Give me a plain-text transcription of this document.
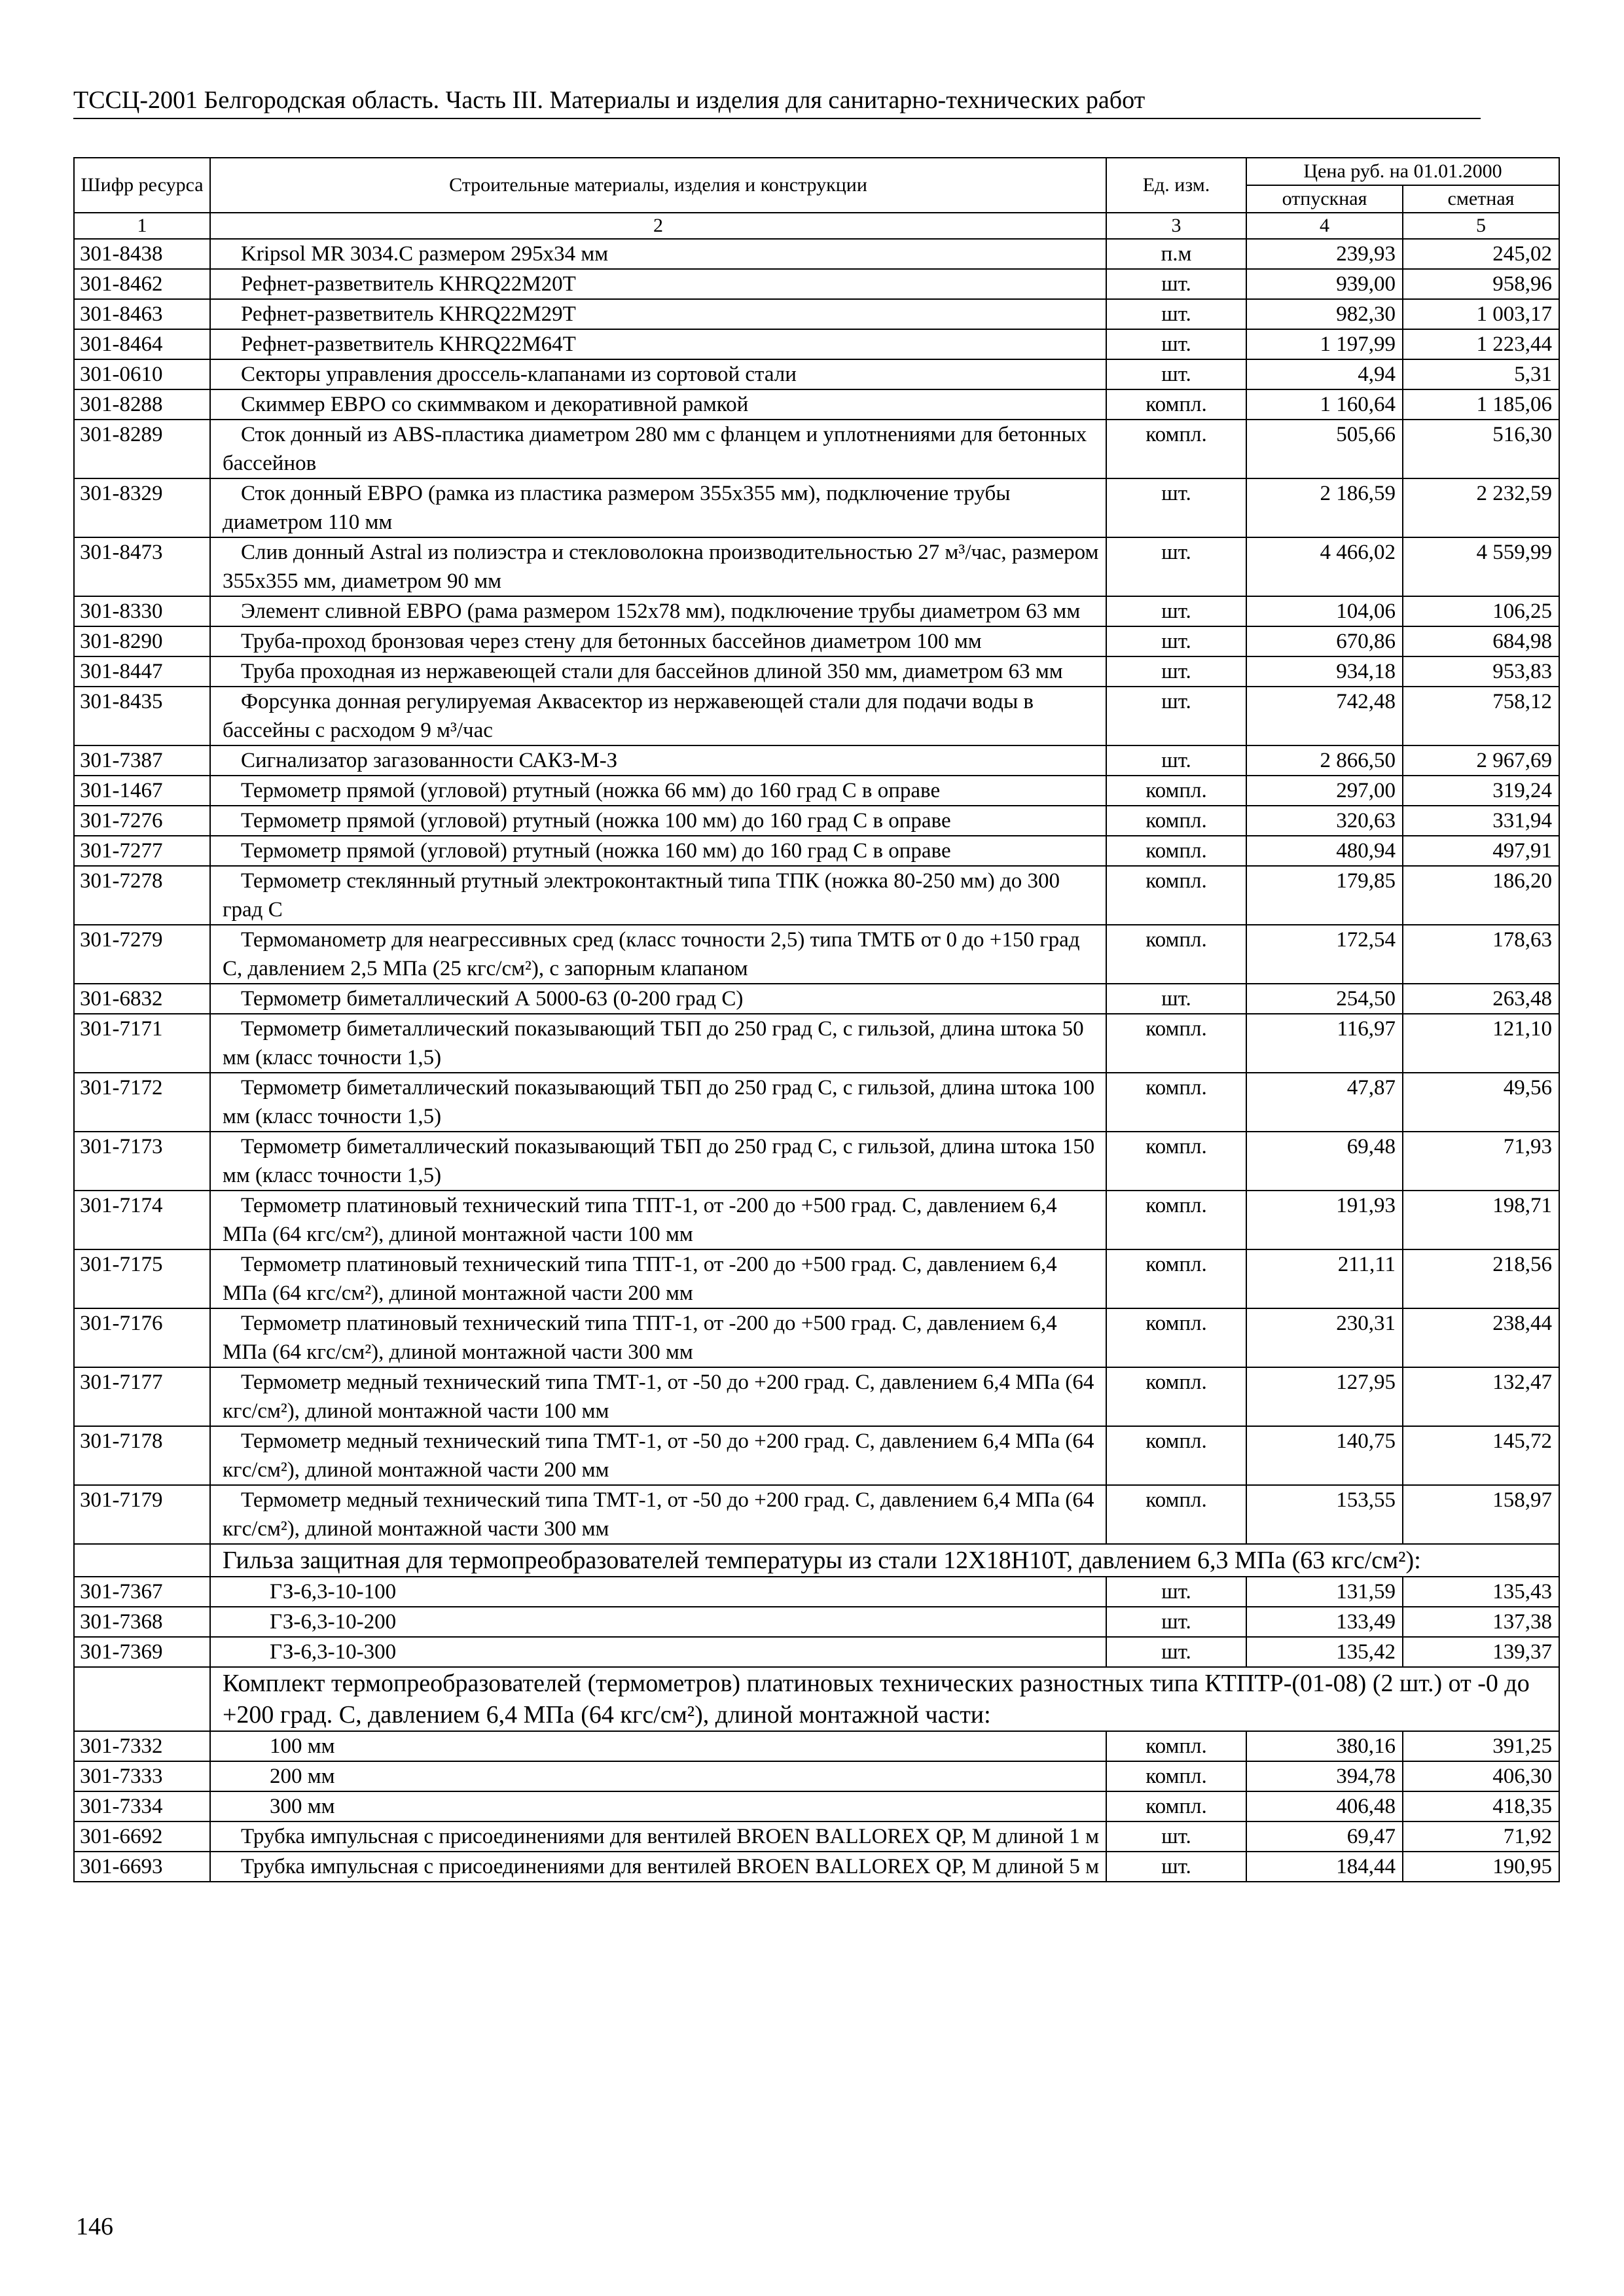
ТССЦ-2001 Белгородская область. Часть III. Материалы и изделия для санитарно-технических работ
Шифр ресурса	Строительные материалы, изделия и конструкции	Ед. изм.	Цена руб. на 01.01.2000	
			отпускная	сметная
1	2	3	4	5
301-8438	Kripsol MR 3034.C размером 295х34 мм	п.м	239,93	245,02
301-8462	Рефнет-разветвитель KHRQ22M20T	шт.	939,00	958,96
301-8463	Рефнет-разветвитель KHRQ22M29T	шт.	982,30	1 003,17
301-8464	Рефнет-разветвитель KHRQ22M64T	шт.	1 197,99	1 223,44
301-0610	Секторы управления дроссель-клапанами из сортовой стали	шт.	4,94	5,31
301-8288	Скиммер ЕВРО со скиммваком и декоративной рамкой	компл.	1 160,64	1 185,06
301-8289	Сток донный из ABS-пластика диаметром 280 мм с фланцем и уплотнениями для бетонных бассейнов	компл.	505,66	516,30
301-8329	Сток донный ЕВРО (рамка из пластика размером 355х355 мм), подключение трубы диаметром 110 мм	шт.	2 186,59	2 232,59
301-8473	Слив донный Astral из полиэстра и стекловолокна производительностью 27 м³/час, размером 355х355 мм, диаметром 90 мм	шт.	4 466,02	4 559,99
301-8330	Элемент сливной ЕВРО (рама размером 152х78 мм), подключение трубы диаметром 63 мм	шт.	104,06	106,25
301-8290	Труба-проход бронзовая через стену для бетонных бассейнов диаметром 100 мм	шт.	670,86	684,98
301-8447	Труба проходная из нержавеющей стали для бассейнов длиной 350 мм, диаметром 63 мм	шт.	934,18	953,83
301-8435	Форсунка донная регулируемая Аквасектор из нержавеющей стали для подачи воды в бассейны с расходом 9 м³/час	шт.	742,48	758,12
301-7387	Сигнализатор загазованности САКЗ-М-З	шт.	2 866,50	2 967,69
301-1467	Термометр прямой (угловой) ртутный (ножка 66 мм) до 160 град С в оправе	компл.	297,00	319,24
301-7276	Термометр прямой (угловой) ртутный (ножка 100 мм) до 160 град С в оправе	компл.	320,63	331,94
301-7277	Термометр прямой (угловой) ртутный (ножка 160 мм) до 160 град С в оправе	компл.	480,94	497,91
301-7278	Термометр стеклянный ртутный электроконтактный типа ТПК (ножка 80-250 мм) до 300 град С	компл.	179,85	186,20
301-7279	Термоманометр для неагрессивных сред (класс точности 2,5) типа ТМТБ от 0 до +150 град С, давлением 2,5 МПа (25 кгс/см²), с запорным клапаном	компл.	172,54	178,63
301-6832	Термометр биметаллический А 5000-63 (0-200 град С)	шт.	254,50	263,48
301-7171	Термометр биметаллический показывающий ТБП до 250 град С, с гильзой, длина штока 50 мм (класс точности 1,5)	компл.	116,97	121,10
301-7172	Термометр биметаллический показывающий ТБП до 250 град С, с гильзой, длина штока 100 мм (класс точности 1,5)	компл.	47,87	49,56
301-7173	Термометр биметаллический показывающий ТБП до 250 град С, с гильзой, длина штока 150 мм (класс точности 1,5)	компл.	69,48	71,93
301-7174	Термометр платиновый технический типа ТПТ-1, от -200 до +500 град. С, давлением 6,4 МПа (64 кгс/см²), длиной монтажной части 100 мм	компл.	191,93	198,71
301-7175	Термометр платиновый технический типа ТПТ-1, от -200 до +500 град. С, давлением 6,4 МПа (64 кгс/см²), длиной монтажной части 200 мм	компл.	211,11	218,56
301-7176	Термометр платиновый технический типа ТПТ-1, от -200 до +500 град. С, давлением 6,4 МПа (64 кгс/см²), длиной монтажной части 300 мм	компл.	230,31	238,44
301-7177	Термометр медный технический типа ТМТ-1, от -50 до +200 град. С, давлением 6,4 МПа (64 кгс/см²), длиной монтажной части 100 мм	компл.	127,95	132,47
301-7178	Термометр медный технический типа ТМТ-1, от -50 до +200 град. С, давлением 6,4 МПа (64 кгс/см²), длиной монтажной части 200 мм	компл.	140,75	145,72
301-7179	Термометр медный технический типа ТМТ-1, от -50 до +200 град. С, давлением 6,4 МПа (64 кгс/см²), длиной монтажной части 300 мм	компл.	153,55	158,97
	Гильза защитная для термопреобразователей температуры из стали 12Х18Н10Т, давлением 6,3 МПа (63 кгс/см²):			
301-7367	ГЗ-6,3-10-100	шт.	131,59	135,43
301-7368	ГЗ-6,3-10-200	шт.	133,49	137,38
301-7369	ГЗ-6,3-10-300	шт.	135,42	139,37
	Комплект термопреобразователей (термометров) платиновых технических разностных типа КТПТР-(01-08) (2 шт.) от -0 до +200 град. С, давлением 6,4 МПа (64 кгс/см²), длиной монтажной части:			
301-7332	100 мм	компл.	380,16	391,25
301-7333	200 мм	компл.	394,78	406,30
301-7334	300 мм	компл.	406,48	418,35
301-6692	Трубка импульсная с присоединениями для вентилей BROEN BALLOREX QP, М длиной 1 м	шт.	69,47	71,92
301-6693	Трубка импульсная с присоединениями для вентилей BROEN BALLOREX QP, М длиной 5 м	шт.	184,44	190,95
146
